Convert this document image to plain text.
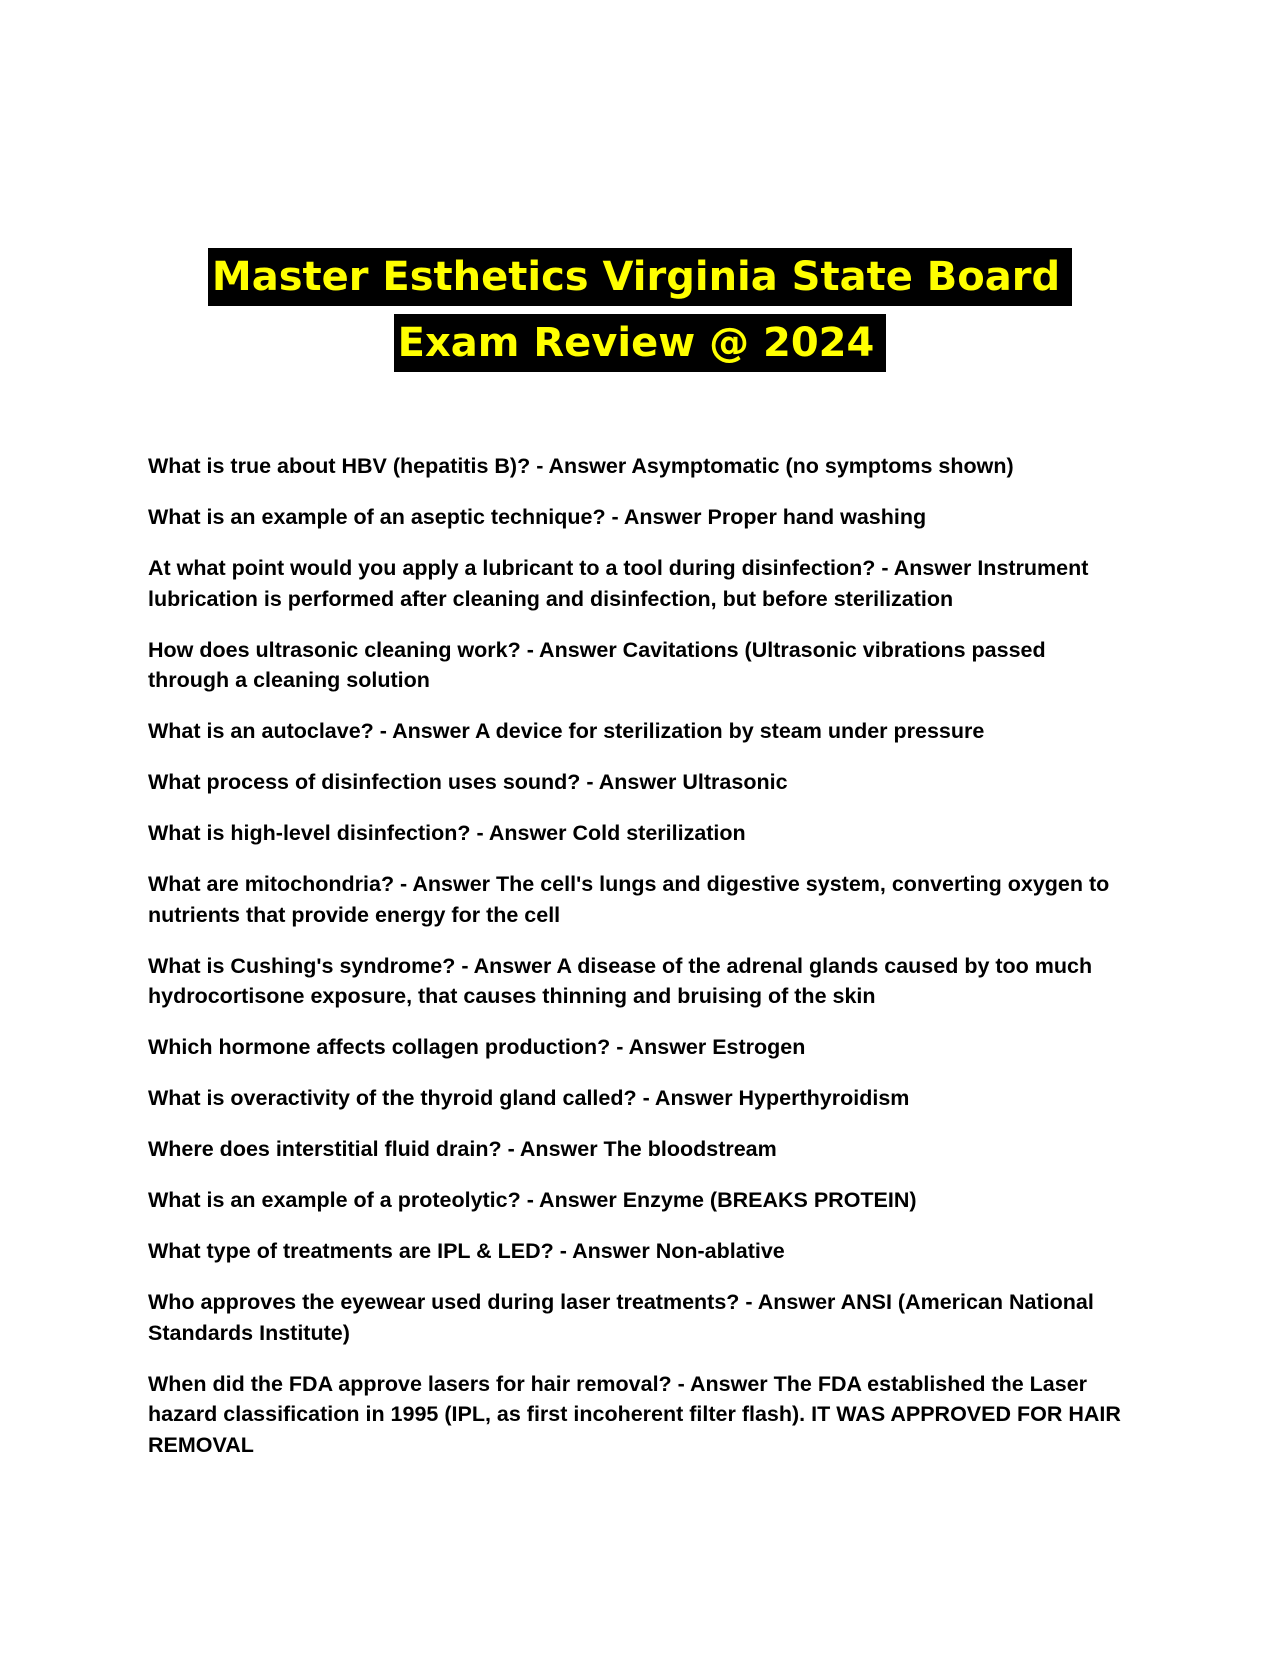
Master Esthetics Virginia State Board
Exam Review @ 2024

What is true about HBV (hepatitis B)? - Answer Asymptomatic (no symptoms shown)

What is an example of an aseptic technique? - Answer Proper hand washing

At what point would you apply a lubricant to a tool during disinfection? - Answer Instrument lubrication is performed after cleaning and disinfection, but before sterilization

How does ultrasonic cleaning work? - Answer Cavitations (Ultrasonic vibrations passed through a cleaning solution

What is an autoclave? - Answer A device for sterilization by steam under pressure

What process of disinfection uses sound? - Answer Ultrasonic

What is high-level disinfection? - Answer Cold sterilization

What are mitochondria? - Answer The cell's lungs and digestive system, converting oxygen to nutrients that provide energy for the cell

What is Cushing's syndrome? - Answer A disease of the adrenal glands caused by too much hydrocortisone exposure, that causes thinning and bruising of the skin

Which hormone affects collagen production? - Answer Estrogen

What is overactivity of the thyroid gland called? - Answer Hyperthyroidism

Where does interstitial fluid drain? - Answer The bloodstream

What is an example of a proteolytic? - Answer Enzyme (BREAKS PROTEIN)

What type of treatments are IPL & LED? - Answer Non-ablative

Who approves the eyewear used during laser treatments? - Answer ANSI (American National Standards Institute)

When did the FDA approve lasers for hair removal? - Answer The FDA established the Laser hazard classification in 1995 (IPL, as first incoherent filter flash). IT WAS APPROVED FOR HAIR REMOVAL
